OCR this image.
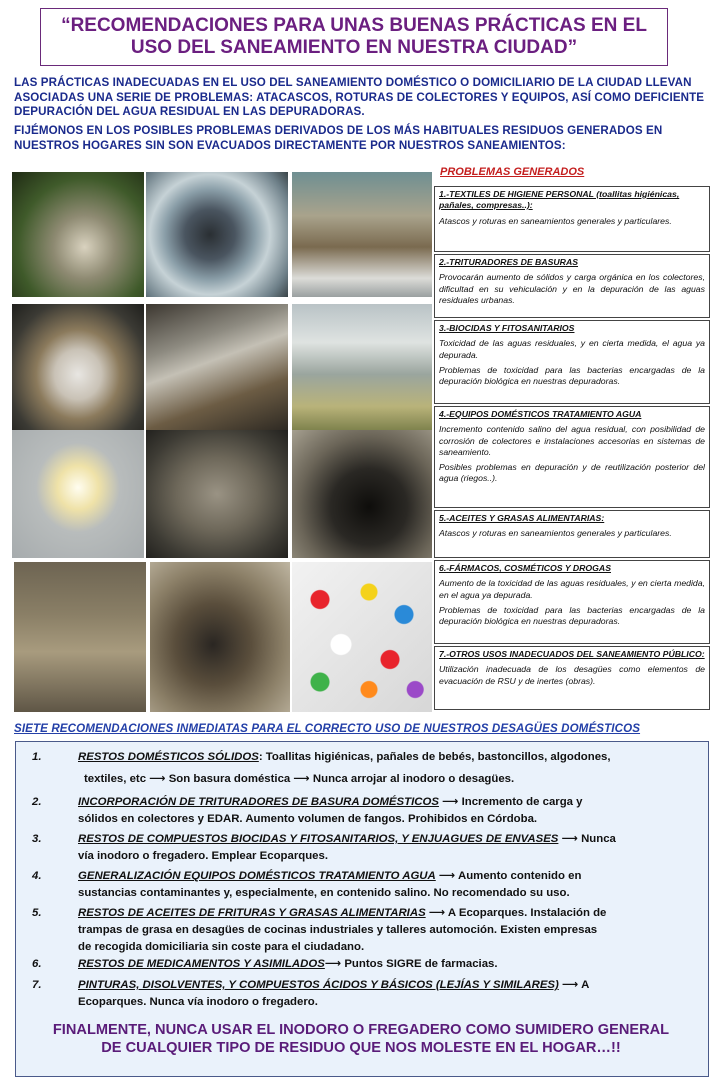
“RECOMENDACIONES PARA UNAS BUENAS PRÁCTICAS EN EL
USO DEL SANEAMIENTO EN NUESTRA CIUDAD”
LAS PRÁCTICAS INADECUADAS EN EL USO DEL SANEAMIENTO DOMÉSTICO O DOMICILIARIO DE LA CIUDAD LLEVAN ASOCIADAS UNA SERIE DE PROBLEMAS: ATACASCOS, ROTURAS DE COLECTORES Y EQUIPOS, ASÍ COMO DEFICIENTE DEPURACIÓN DEL AGUA RESIDUAL EN LAS DEPURADORAS.
FIJÉMONOS EN LOS POSIBLES PROBLEMAS DERIVADOS DE LOS MÁS HABITUALES RESIDUOS GENERADOS EN NUESTROS HOGARES SIN SON EVACUADOS DIRECTAMENTE POR NUESTROS SANEAMIENTOS:
PROBLEMAS GENERADOS
1.-TEXTILES DE HIGIENE PERSONAL (toallitas higiénicas, pañales, compresas..):
Atascos y roturas en saneamientos generales y particulares.
2.-TRITURADORES DE BASURAS
Provocarán aumento de sólidos y carga orgánica en los colectores, dificultad en su vehiculación y en la depuración de las aguas residuales urbanas.
3.-BIOCIDAS Y FITOSANITARIOS
Toxicidad de las aguas residuales, y en cierta medida, el agua ya depurada.
Problemas de toxicidad para las bacterias encargadas de la depuración biológica en nuestras depuradoras.
4.-EQUIPOS DOMÉSTICOS TRATAMIENTO AGUA
Incremento contenido salino del agua residual, con posibilidad de corrosión de colectores e instalaciones accesorias en sistemas de saneamiento.
Posibles problemas en depuración y de reutilización posterior del agua (riegos..).
5.-ACEITES Y GRASAS ALIMENTARIAS:
Atascos y roturas en saneamientos generales y particulares.
6.-FÁRMACOS, COSMÉTICOS Y DROGAS
Aumento de la toxicidad de las aguas residuales, y en cierta medida, en el agua ya depurada.
Problemas de toxicidad para las bacterias encargadas de la depuración biológica en nuestras depuradoras.
7.-OTROS USOS INADECUADOS DEL SANEAMIENTO PÚBLICO:
Utilización inadecuada de los desagües como elementos de evacuación de RSU y de inertes (obras).
SIETE RECOMENDACIONES INMEDIATAS PARA EL CORRECTO USO DE NUESTROS DESAGÜES DOMÉSTICOS
1.	RESTOS DOMÉSTICOS SÓLIDOS: Toallitas higiénicas, pañales de bebés, bastoncillos, algodones,
textiles, etc ⟶ Son basura doméstica ⟶ Nunca arrojar al inodoro o desagües.
2.	INCORPORACIÓN DE TRITURADORES DE BASURA DOMÉSTICOS ⟶ Incremento de carga y
sólidos en colectores y EDAR. Aumento volumen de fangos. Prohibidos en Córdoba.
3.	RESTOS DE COMPUESTOS BIOCIDAS Y FITOSANITARIOS, Y ENJUAGUES DE ENVASES ⟶ Nunca
vía inodoro o fregadero. Emplear Ecoparques.
4.	GENERALIZACIÓN EQUIPOS DOMÉSTICOS TRATAMIENTO AGUA ⟶ Aumento contenido en
sustancias contaminantes y, especialmente, en contenido salino. No recomendado su uso.
5.	RESTOS DE ACEITES DE FRITURAS Y GRASAS ALIMENTARIAS ⟶ A Ecoparques. Instalación de
trampas de grasa en desagües de cocinas industriales y talleres automoción. Existen empresas
de recogida domiciliaria sin coste para el ciudadano.
6.	RESTOS DE MEDICAMENTOS Y ASIMILADOS⟶ Puntos SIGRE de farmacias.
7.	PINTURAS, DISOLVENTES, Y COMPUESTOS ÁCIDOS Y BÁSICOS (LEJÍAS Y SIMILARES) ⟶ A
Ecoparques. Nunca vía inodoro o fregadero.
FINALMENTE, NUNCA USAR EL INODORO O FREGADERO COMO SUMIDERO GENERAL
DE CUALQUIER TIPO DE RESIDUO QUE NOS MOLESTE EN EL HOGAR…!!
